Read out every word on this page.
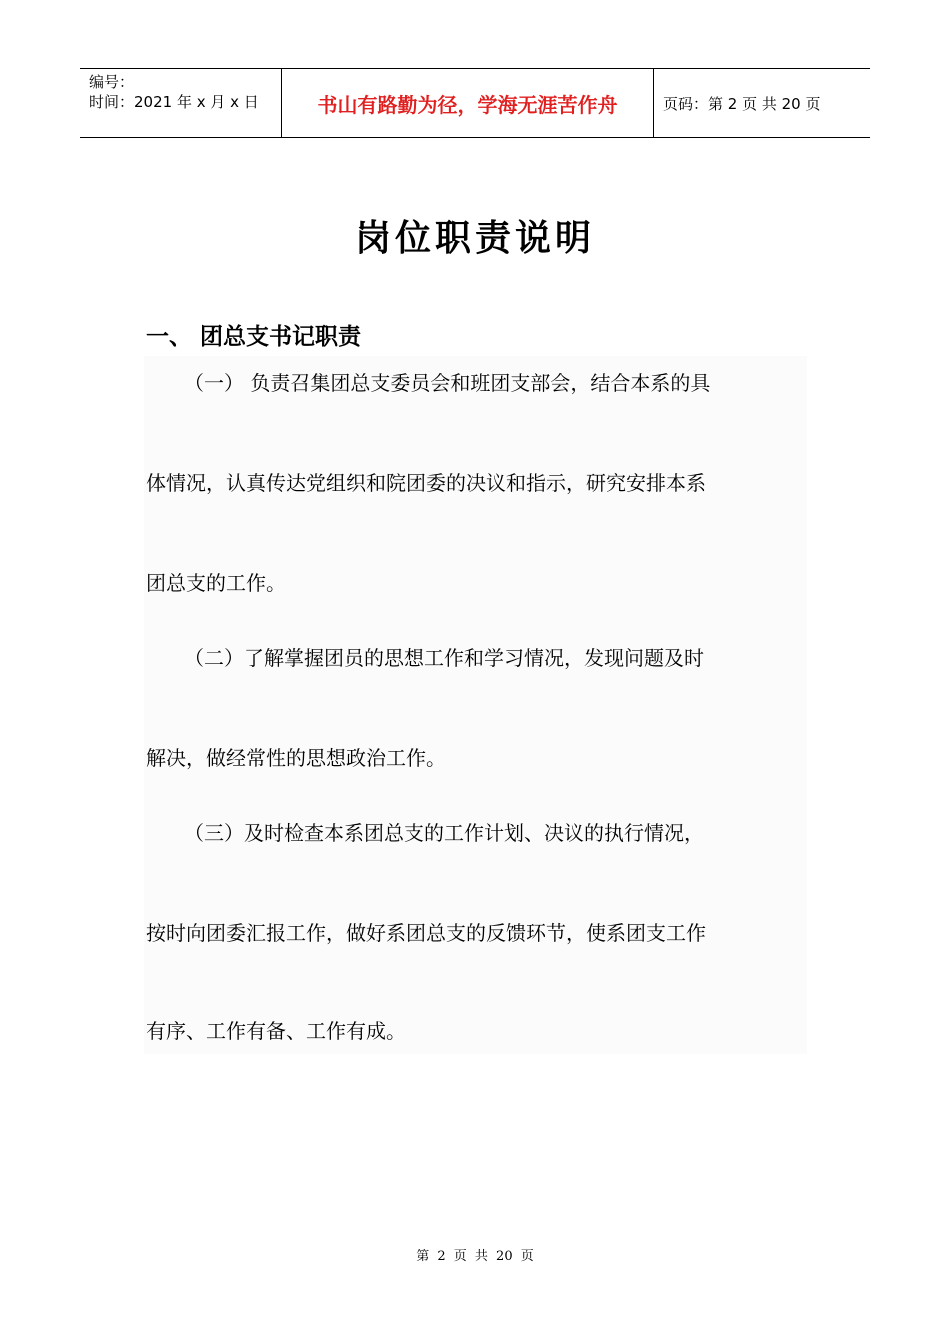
编号：
时间：2021 年 x 月 x 日	书山有路勤为径，学海无涯苦作舟	页码：第 2 页 共 20 页
岗位职责说明
一、 团总支书记职责
（一） 负责召集团总支委员会和班团支部会，结合本系的具
体情况，认真传达党组织和院团委的决议和指示，研究安排本系
团总支的工作。
（二）了解掌握团员的思想工作和学习情况，发现问题及时
解决，做经常性的思想政治工作。
（三）及时检查本系团总支的工作计划、决议的执行情况，
按时向团委汇报工作，做好系团总支的反馈环节，使系团支工作
有序、工作有备、工作有成。
第 2 页 共 20 页
